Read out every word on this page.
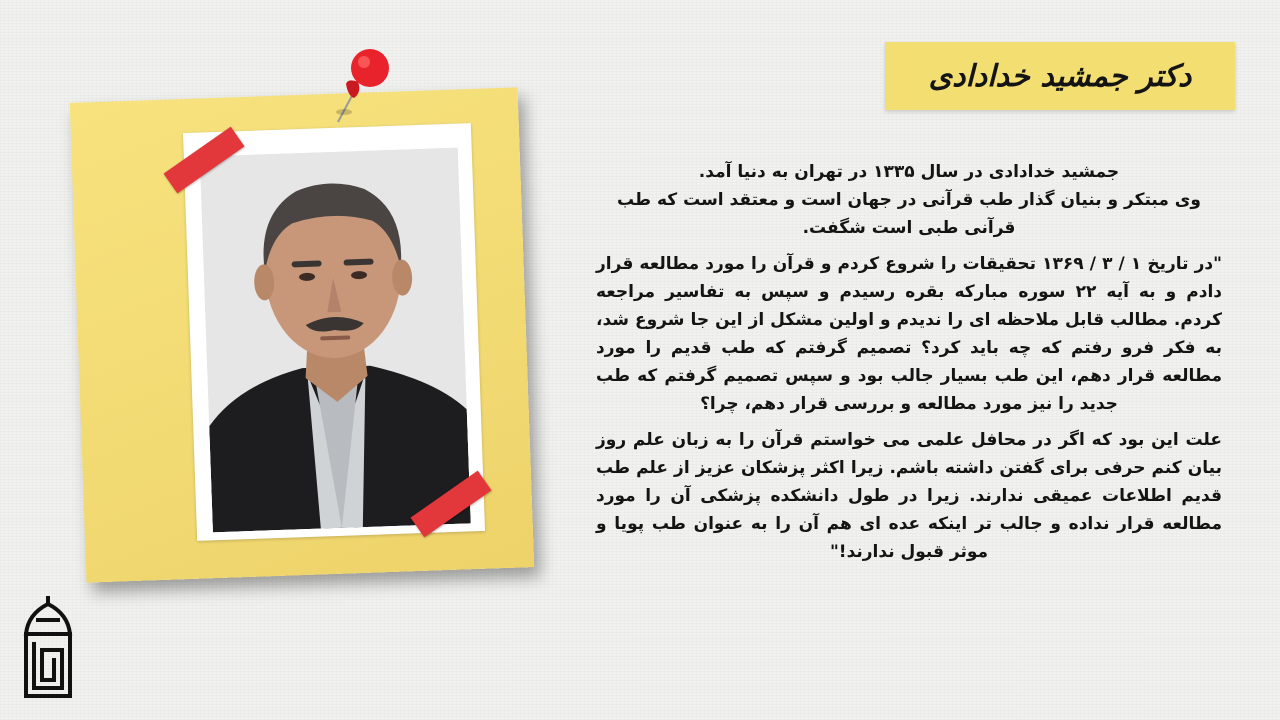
دکتر جمشید خدادادی

جمشید خدادادی در سال ۱۳۳۵ در تهران به دنیا آمد.
وی مبتکر و بنیان گذار طب قرآنی در جهان است و معتقد است که طب قرآنی طبی است شگفت.

"در تاریخ ۱ / ۳ / ۱۳۶۹ تحقیقات را شروع کردم و قرآن را مورد مطالعه قرار دادم و به آیه ۲۲ سوره مبارکه بقره رسیدم و سپس به تفاسیر مراجعه کردم. مطالب قابل ملاحظه ای را ندیدم و اولین مشکل از این جا شروع شد، به فکر فرو رفتم که چه باید کرد؟ تصمیم گرفتم که طب قدیم را مورد مطالعه قرار دهم، این طب بسیار جالب بود و سپس تصمیم گرفتم که طب جدید را نیز مورد مطالعه و بررسی قرار دهم، چرا؟

علت این بود که اگر در محافل علمی می خواستم قرآن را به زبان علم روز بیان کنم حرفی برای گفتن داشته باشم. زیرا اکثر پزشکان عزیز از علم طب قدیم اطلاعات عمیقی ندارند. زیرا در طول دانشکده پزشکی آن را مورد مطالعه قرار نداده و جالب تر اینکه عده ای هم آن را به عنوان طب پویا و موثر قبول ندارند!"
